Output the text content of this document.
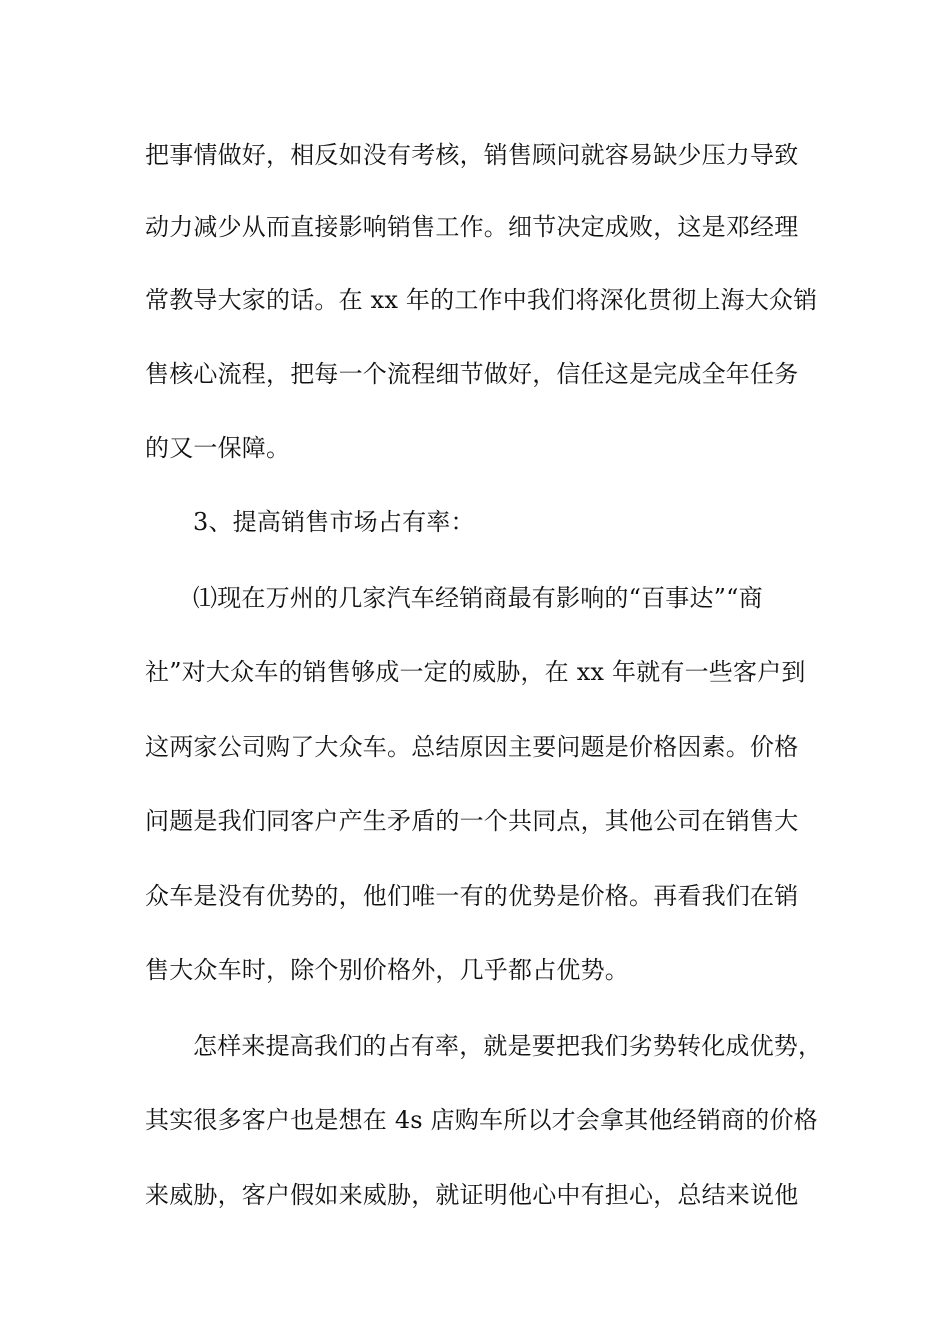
把事情做好，相反如没有考核，销售顾问就容易缺少压力导致
动力减少从而直接影响销售工作。细节决定成败，这是邓经理
常教导大家的话。在 xx 年的工作中我们将深化贯彻上海大众销
售核心流程，把每一个流程细节做好，信任这是完成全年任务
的又一保障。
3、提高销售市场占有率：
⑴现在万州的几家汽车经销商最有影响的“百事达”“商
社”对大众车的销售够成一定的威胁，在 xx 年就有一些客户到
这两家公司购了大众车。总结原因主要问题是价格因素。价格
问题是我们同客户产生矛盾的一个共同点，其他公司在销售大
众车是没有优势的，他们唯一有的优势是价格。再看我们在销
售大众车时，除个别价格外，几乎都占优势。
怎样来提高我们的占有率，就是要把我们劣势转化成优势，
其实很多客户也是想在 4s 店购车所以才会拿其他经销商的价格
来威胁，客户假如来威胁，就证明他心中有担心，总结来说他
